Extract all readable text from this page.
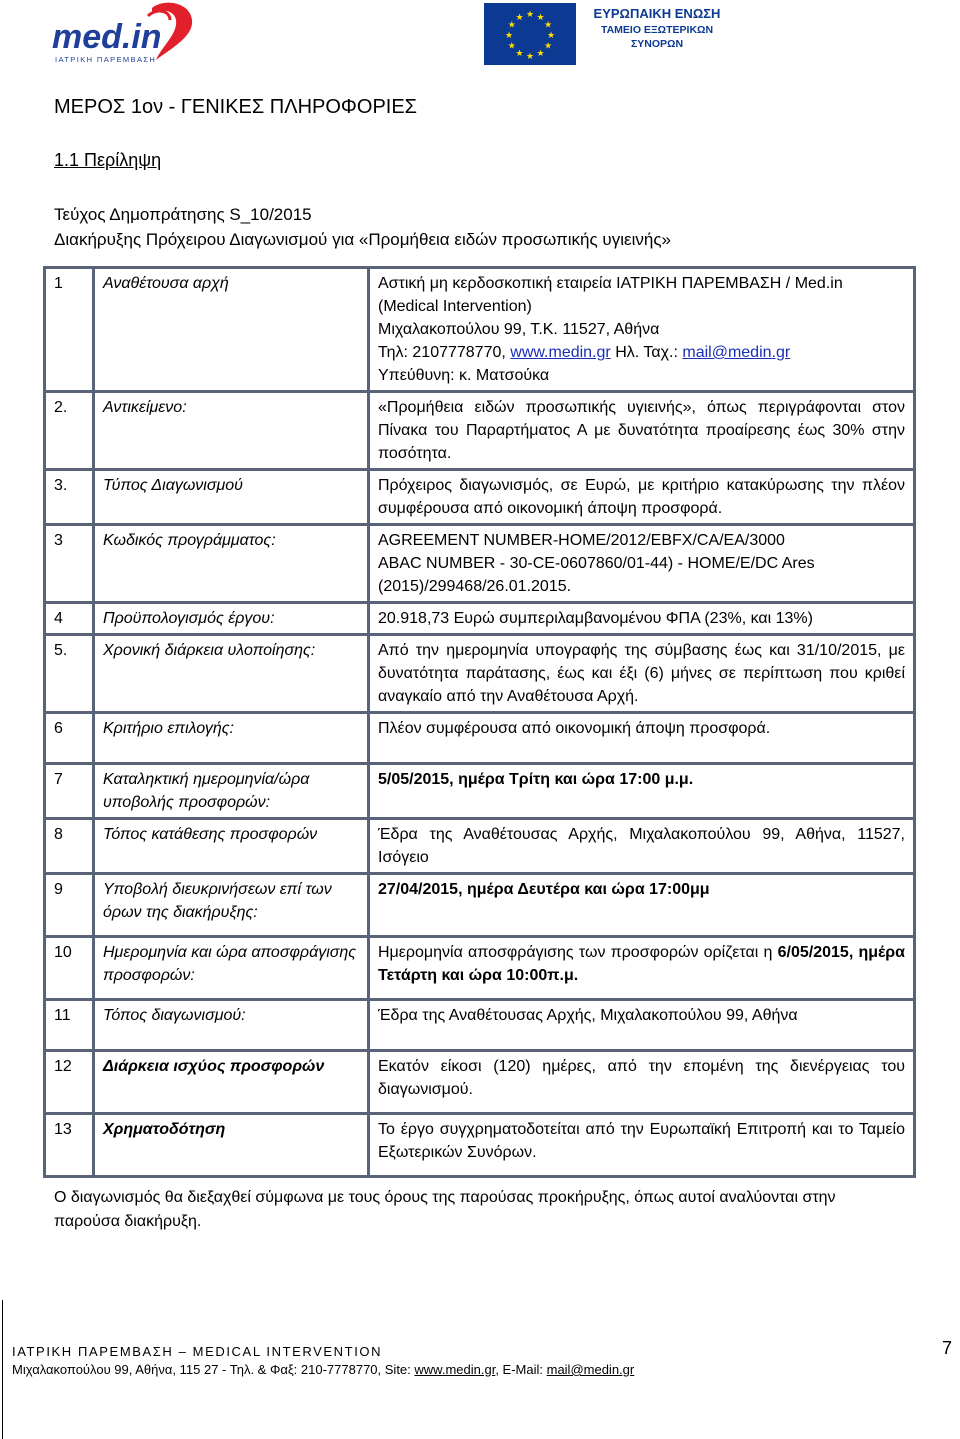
med.in
ΙΑΤΡΙΚΗ ΠΑΡΕΜΒΑΣΗ
★ ★
★
★
★
★
★
★
★
★
★
★	ΕΥΡΩΠΑΙΚΗ ΕΝΩΣΗ
ΤΑΜΕΙΟ ΕΞΩΤΕΡΙΚΩΝ
ΣΥΝΟΡΩΝ
ΜΕΡΟΣ 1ον - ΓΕΝΙΚΕΣ ΠΛΗΡΟΦΟΡΙΕΣ
1.1 Περίληψη
Τεύχος Δημοπράτησης S_10/2015
Διακήρυξης Πρόχειρου Διαγωνισμού για «Προμήθεια ειδών προσωπικής υγιεινής»
1	Αναθέτουσα αρχή	Αστική μη κερδοσκοπική εταιρεία ΙΑΤΡΙΚΗ ΠΑΡΕΜΒΑΣΗ / Med.in
(Medical Intervention)
Μιχαλακοπούλου 99, Τ.Κ. 11527, Αθήνα
Τηλ: 2107778770, www.medin.gr Ηλ. Ταχ.: mail@medin.gr
Υπεύθυνη: κ. Ματσούκα

2.	Αντικείμενο:	«Προμήθεια ειδών προσωπικής υγιεινής», όπως περιγράφονται στον Πίνακα του Παραρτήματος Α με δυνατότητα προαίρεσης έως 30% στην ποσότητα.
3.	Τύπος Διαγωνισμού	Πρόχειρος διαγωνισμός, σε Ευρώ, με κριτήριο κατακύρωσης την πλέον συμφέρουσα από οικονομική άποψη προσφορά.
3	Κωδικός προγράμματος:	AGREEMENT NUMBER-HOME/2012/EBFX/CA/EA/3000
ABAC NUMBER - 30-CE-0607860/01-44) - HOME/E/DC Ares
(2015)/299468/26.01.2015.

4	Προϋπολογισμός έργου:	20.918,73 Ευρώ συμπεριλαμβανομένου ΦΠΑ (23%, και 13%)
5.	Χρονική διάρκεια υλοποίησης:	Από την ημερομηνία υπογραφής της σύμβασης έως και 31/10/2015, με δυνατότητα παράτασης, έως και έξι (6) μήνες σε περίπτωση που κριθεί αναγκαίο από την Αναθέτουσα Αρχή.
6	Κριτήριο επιλογής:	Πλέον συμφέρουσα από οικονομική άποψη προσφορά.
7	Καταληκτική ημερομηνία/ώρα υποβολής προσφορών:	5/05/2015, ημέρα Τρίτη και ώρα 17:00 μ.μ.
8	Τόπος κατάθεσης προσφορών	Έδρα της Αναθέτουσας Αρχής, Μιχαλακοπούλου 99, Αθήνα, 11527, Ισόγειο
9	Υποβολή διευκρινήσεων επί των όρων της διακήρυξης:	27/04/2015, ημέρα Δευτέρα και ώρα 17:00μμ
10	Ημερομηνία και ώρα αποσφράγισης προσφορών:	Ημερομηνία αποσφράγισης των προσφορών ορίζεται η 6/05/2015, ημέρα Τετάρτη και ώρα 10:00π.μ.
11	Τόπος διαγωνισμού:	Έδρα της Αναθέτουσας Αρχής, Μιχαλακοπούλου 99, Αθήνα
12	Διάρκεια ισχύος προσφορών	Εκατόν είκοσι (120) ημέρες, από την επομένη της διενέργειας του διαγωνισμού.
13	Χρηματοδότηση	Το έργο συγχρηματοδοτείται από την Ευρωπαϊκή Επιτροπή και το Ταμείο Εξωτερικών Συνόρων.
Ο διαγωνισμός θα διεξαχθεί σύμφωνα με τους όρους της παρούσας προκήρυξης, όπως αυτοί αναλύονται στην παρούσα διακήρυξη.
ΙΑΤΡΙΚΗ ΠΑΡΕΜΒΑΣΗ – MEDICAL INTERVENTION
Μιχαλακοπούλου 99, Αθήνα, 115 27 - Τηλ. & Φαξ: 210-7778770, Site: www.medin.gr, E-Mail: mail@medin.gr
7
